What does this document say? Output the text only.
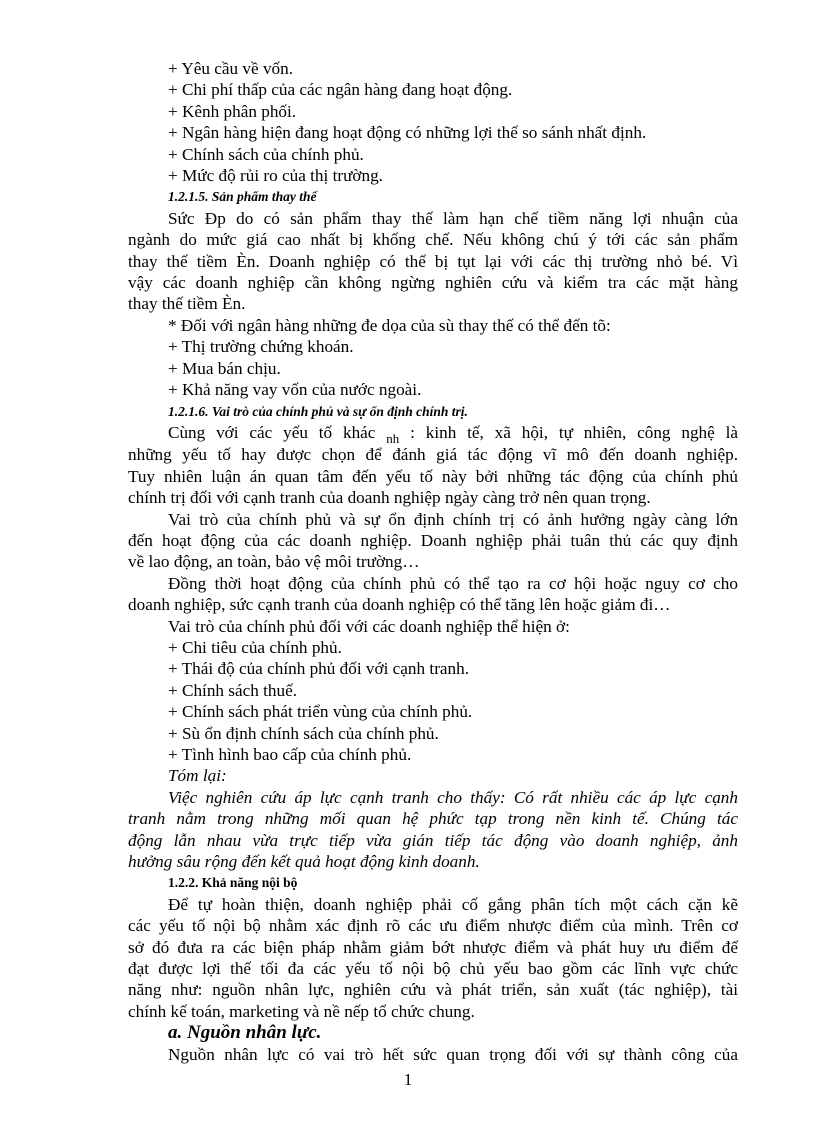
+ Yêu cầu về vốn.
+ Chi phí thấp của các ngân hàng đang hoạt động.
+ Kênh phân phối.
+ Ngân hàng hiện đang hoạt động có những lợi thế so sánh nhất định.
+ Chính sách của chính phủ.
+ Mức độ rủi ro của thị trường.
1.2.1.5. Sản phẩm thay thế
Sức Ðp do có sản phẩm thay thế làm hạn chế tiềm năng lợi nhuận của
ngành do mức giá cao nhất bị khống chế. Nếu không chú ý tới các sản phẩm
thay thế tiềm Èn. Doanh nghiệp có thể bị tụt lại với các thị trường nhỏ bé. Vì
vậy các doanh nghiệp cần không ngừng nghiên cứu và kiểm tra các mặt hàng
thay thế tiềm Èn.
* Đối với ngân hàng những đe dọa của sù thay thế có thể đến tõ:
+ Thị trường chứng khoán.
+ Mua bán chịu.
+ Khả năng vay vốn của nước ngoài.
1.2.1.6. Vai trò của chính phủ và sự ổn định chính trị.
Cùng với các yếu tố khác $_{nh}$ : kinh tế, xã hội, tự nhiên, công nghệ là
những yếu tố hay được chọn để đánh giá tác động vĩ mô đến doanh nghiệp.
Tuy nhiên luận án quan tâm đến yếu tố này bởi những tác động của chính phủ
chính trị đối với cạnh tranh của doanh nghiệp ngày càng trở nên quan trọng.
Vai trò của chính phủ và sự ổn định chính trị có ảnh hưởng ngày càng lớn
đến hoạt động của các doanh nghiệp. Doanh nghiệp phải tuân thủ các quy định
về lao động, an toàn, bảo vệ môi trường…
Đồng thời hoạt động của chính phủ có thể tạo ra cơ hội hoặc nguy cơ cho
doanh nghiệp, sức cạnh tranh của doanh nghiệp có thể tăng lên hoặc giảm đi…
Vai trò của chính phủ đối với các doanh nghiệp thể hiện ở:
+ Chi tiêu của chính phủ.
+ Thái độ của chính phủ đối với cạnh tranh.
+ Chính sách thuế.
+ Chính sách phát triển vùng của chính phủ.
+ Sù ổn định chính sách của chính phủ.
+ Tình hình bao cấp của chính phủ.
Tóm lại:
Việc nghiên cứu áp lực cạnh tranh cho thấy: Có rất nhiều các áp lực cạnh
tranh nằm trong những mối quan hệ phức tạp trong nền kinh tế. Chúng tác
động lẫn nhau vừa trực tiếp vừa gián tiếp tác động vào doanh nghiệp, ảnh
hưởng sâu rộng đến kết quả hoạt động kinh doanh.
1.2.2. Khả năng nội bộ
Để tự hoàn thiện, doanh nghiệp phải cố gắng phân tích một cách cặn kẽ
các yếu tố nội bộ nhằm xác định rõ các ưu điểm nhược điểm của mình. Trên cơ
sở đó đưa ra các biện pháp nhằm giảm bớt nhược điểm và phát huy ưu điểm để
đạt được lợi thế tối đa các yếu tố nội bộ chủ yếu bao gồm các lĩnh vực chức
năng như: nguồn nhân lực, nghiên cứu và phát triển, sản xuất (tác nghiệp), tài
chính kế toán, marketing và nề nếp tổ chức chung.
a. Nguồn nhân lực.
Nguồn nhân lực có vai trò hết sức quan trọng đối với sự thành công của
1
